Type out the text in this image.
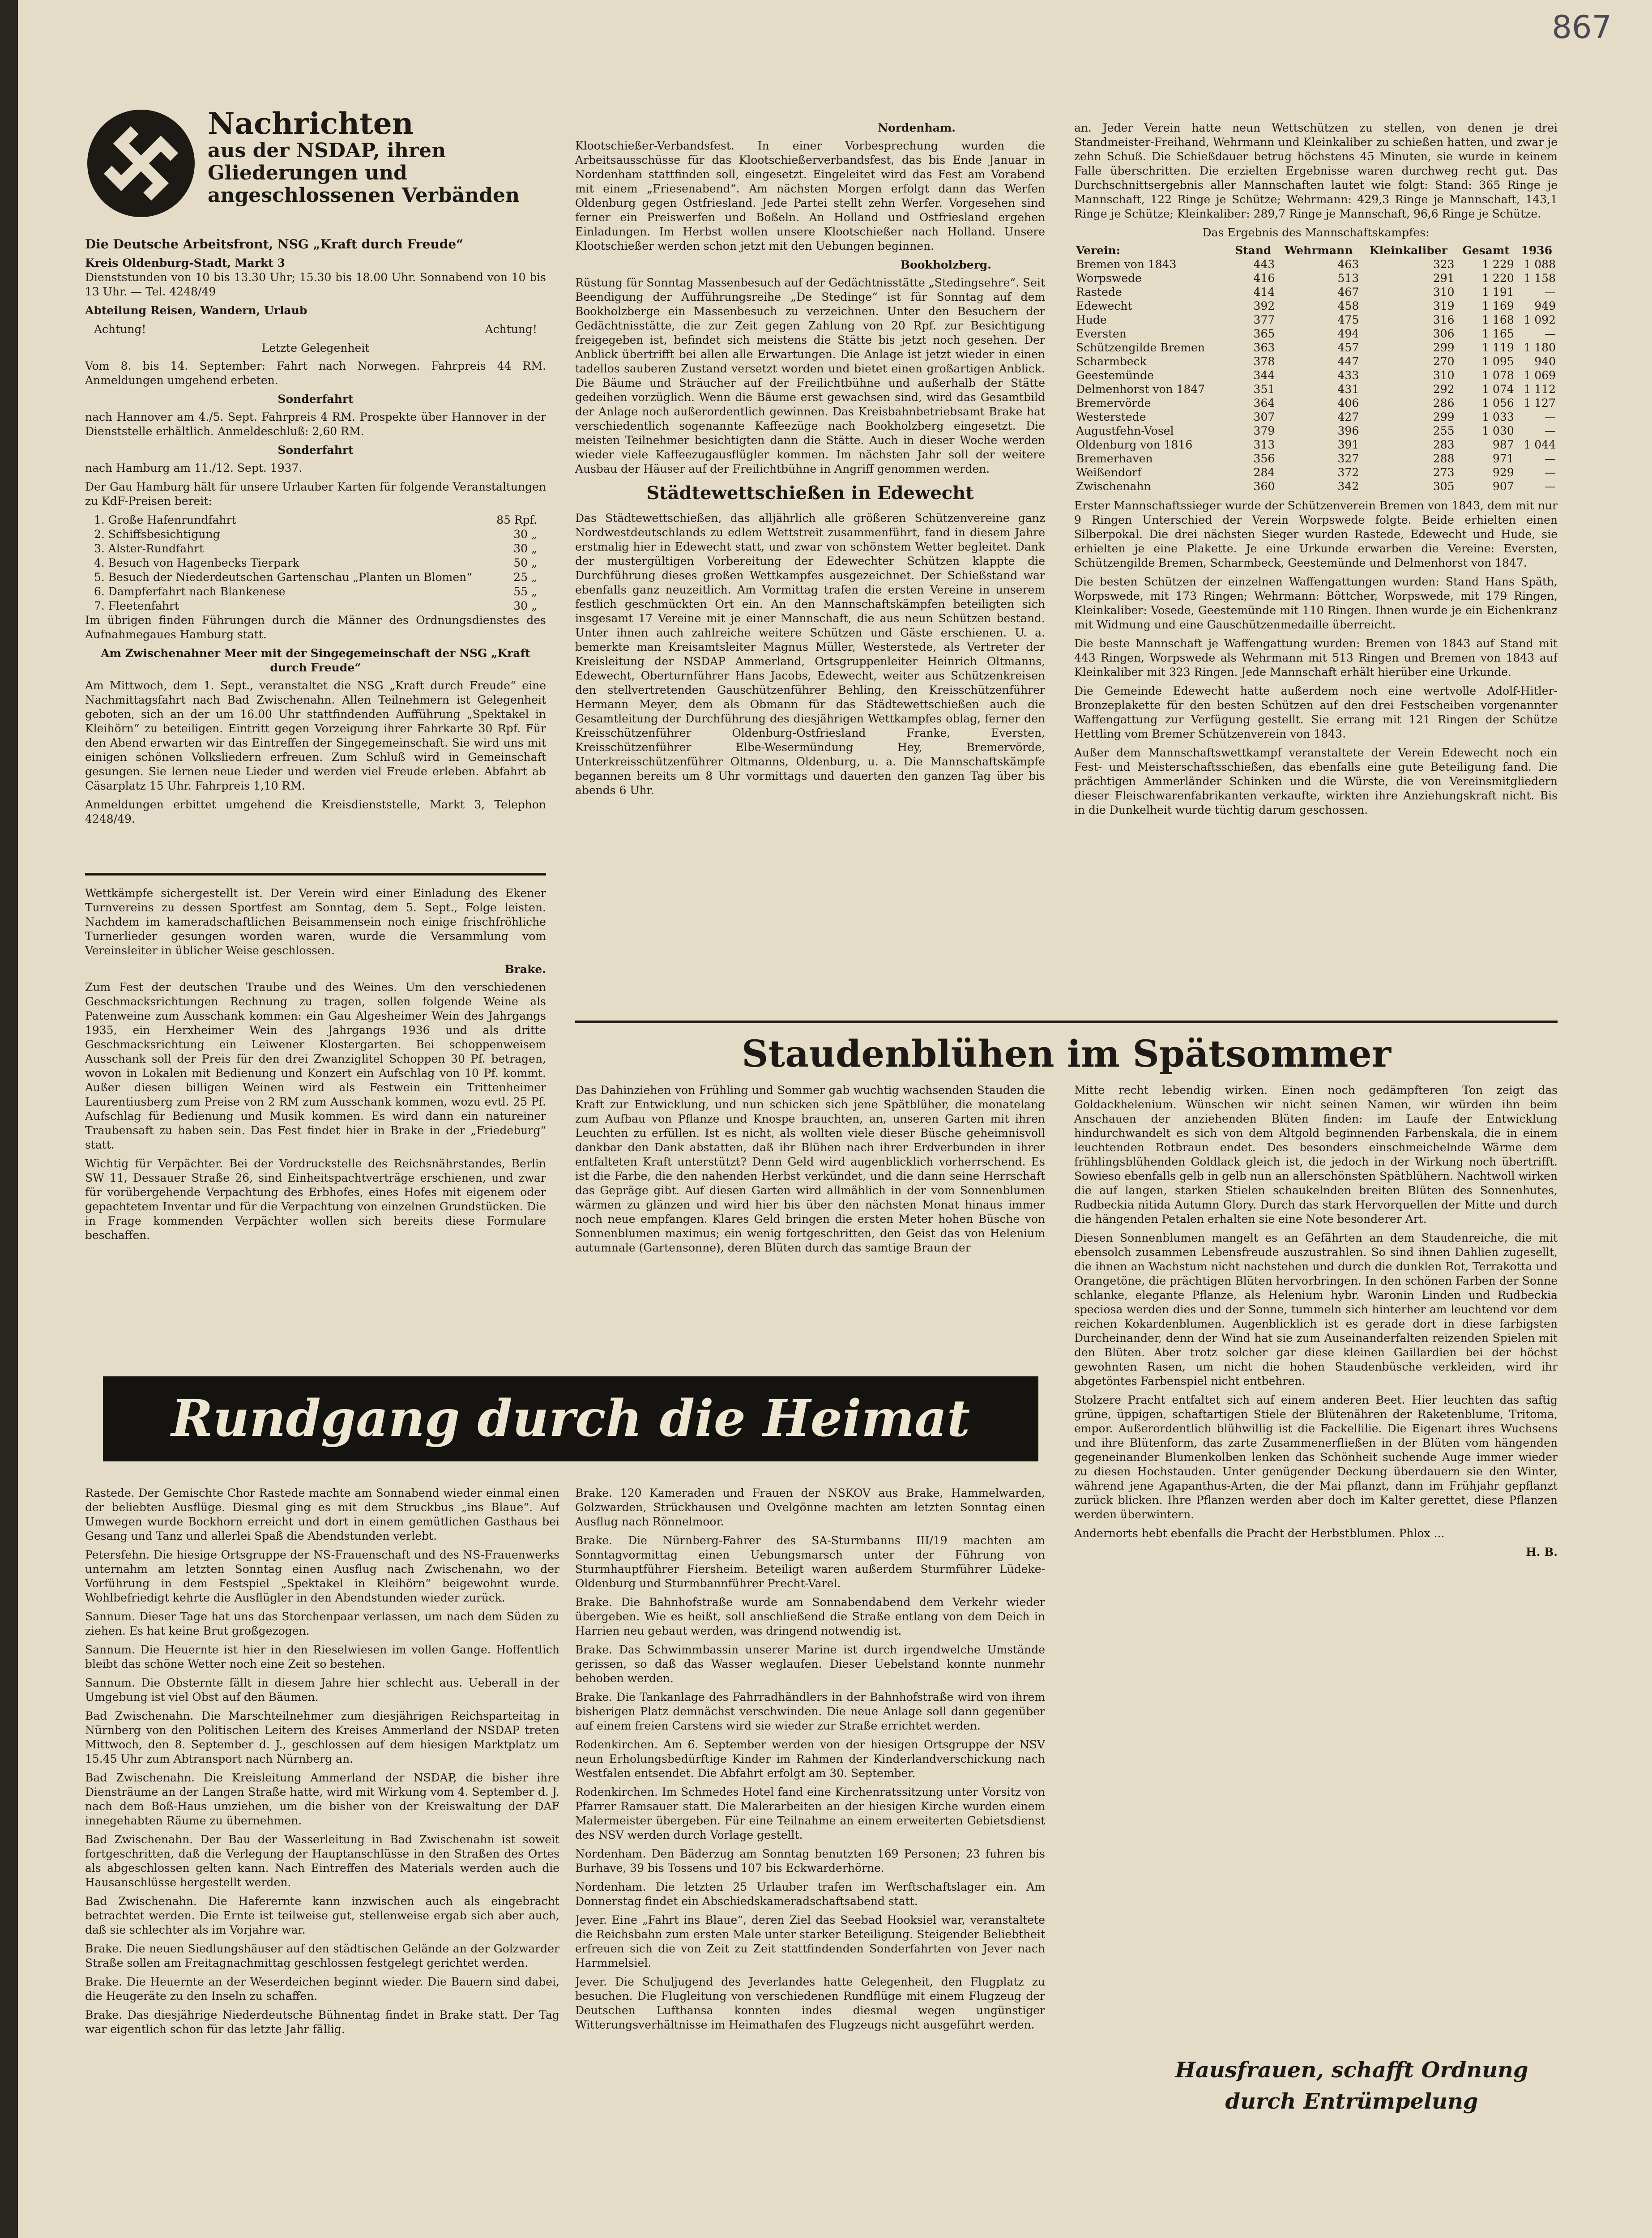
867
Nachrichten
aus der NSDAP, ihren
Gliederungen und
angeschlossenen Verbänden

Die Deutsche Arbeitsfront, NSG „Kraft durch Freude“

Kreis Oldenburg-Stadt, Markt 3

Dienststunden von 10 bis 13.30 Uhr; 15.30 bis 18.00 Uhr. Sonnabend von 10 bis 13 Uhr. — Tel. 4248/49

Abteilung Reisen, Wandern, Urlaub
Achtung!	Achtung!

Letzte Gelegenheit

Vom 8. bis 14. September: Fahrt nach Norwegen. Fahrpreis 44 RM. Anmeldungen umgehend erbeten.

Sonderfahrt

nach Hannover am 4./5. Sept. Fahrpreis 4 RM. Prospekte über Hannover in der Dienststelle erhältlich. Anmeldeschluß: 2,60 RM.

Sonderfahrt

nach Hamburg am 11./12. Sept. 1937.

Der Gau Hamburg hält für unsere Urlauber Karten für folgende Veranstaltungen zu KdF-Preisen bereit:

1. Große Hafenrundfahrt	85 Rpf.
2. Schiffsbesichtigung	30 „
3. Alster-Rundfahrt	30 „
4. Besuch von Hagenbecks Tierpark	50 „
5. Besuch der Niederdeutschen Gartenschau „Planten un Blomen“	25 „
6. Dampferfahrt nach Blankenese	55 „
7. Fleetenfahrt	30 „

Im übrigen finden Führungen durch die Männer des Ordnungsdienstes des Aufnahmegaues Hamburg statt.

Am Zwischenahner Meer mit der Singegemeinschaft der NSG „Kraft durch Freude“

Am Mittwoch, dem 1. Sept., veranstaltet die NSG „Kraft durch Freude“ eine Nachmittagsfahrt nach Bad Zwischenahn. Allen Teilnehmern ist Gelegenheit geboten, sich an der um 16.00 Uhr stattfindenden Aufführung „Spektakel in Kleihörn“ zu beteiligen. Eintritt gegen Vorzeigung ihrer Fahrkarte 30 Rpf. Für den Abend erwarten wir das Eintreffen der Singegemeinschaft. Sie wird uns mit einigen schönen Volksliedern erfreuen. Zum Schluß wird in Gemeinschaft gesungen. Sie lernen neue Lieder und werden viel Freude erleben. Abfahrt ab Cäsarplatz 15 Uhr. Fahrpreis 1,10 RM.

Anmeldungen erbittet umgehend die Kreisdienststelle, Markt 3, Telephon 4248/49.

Wettkämpfe sichergestellt ist. Der Verein wird einer Einladung des Ekener Turnvereins zu dessen Sportfest am Sonntag, dem 5. Sept., Folge leisten. Nachdem im kameradschaftlichen Beisammensein noch einige frischfröhliche Turnerlieder gesungen worden waren, wurde die Versammlung vom Vereinsleiter in üblicher Weise geschlossen.

Brake.

Zum Fest der deutschen Traube und des Weines. Um den verschiedenen Geschmacksrichtungen Rechnung zu tragen, sollen folgende Weine als Patenweine zum Ausschank kommen: ein Gau Algesheimer Wein des Jahrgangs 1935, ein Herxheimer Wein des Jahrgangs 1936 und als dritte Geschmacksrichtung ein Leiwener Klostergarten. Bei schoppenweisem Ausschank soll der Preis für den drei Zwanziglitel Schoppen 30 Pf. betragen, wovon in Lokalen mit Bedienung und Konzert ein Aufschlag von 10 Pf. kommt. Außer diesen billigen Weinen wird als Festwein ein Trittenheimer Laurentiusberg zum Preise von 2 RM zum Ausschank kommen, wozu evtl. 25 Pf. Aufschlag für Bedienung und Musik kommen. Es wird dann ein natureiner Traubensaft zu haben sein. Das Fest findet hier in Brake in der „Friedeburg“ statt.

Wichtig für Verpächter. Bei der Vordruckstelle des Reichsnährstandes, Berlin SW 11, Dessauer Straße 26, sind Einheitspachtverträge erschienen, und zwar für vorübergehende Verpachtung des Erbhofes, eines Hofes mit eigenem oder gepachtetem Inventar und für die Verpachtung von einzelnen Grundstücken. Die in Frage kommenden Verpächter wollen sich bereits diese Formulare beschaffen.

Nordenham.

Klootschießer-Verbandsfest. In einer Vorbesprechung wurden die Arbeitsausschüsse für das Klootschießerverbandsfest, das bis Ende Januar in Nordenham stattfinden soll, eingesetzt. Eingeleitet wird das Fest am Vorabend mit einem „Friesenabend“. Am nächsten Morgen erfolgt dann das Werfen Oldenburg gegen Ostfriesland. Jede Partei stellt zehn Werfer. Vorgesehen sind ferner ein Preiswerfen und Boßeln. An Holland und Ostfriesland ergehen Einladungen. Im Herbst wollen unsere Klootschießer nach Holland. Unsere Klootschießer werden schon jetzt mit den Uebungen beginnen.

Bookholzberg.

Rüstung für Sonntag Massenbesuch auf der Gedächtnisstätte „Stedingsehre“. Seit Beendigung der Aufführungsreihe „De Stedinge“ ist für Sonntag auf dem Bookholzberge ein Massenbesuch zu verzeichnen. Unter den Besuchern der Gedächtnisstätte, die zur Zeit gegen Zahlung von 20 Rpf. zur Besichtigung freigegeben ist, befindet sich meistens die Stätte bis jetzt noch gesehen. Der Anblick übertrifft bei allen alle Erwartungen. Die Anlage ist jetzt wieder in einen tadellos sauberen Zustand versetzt worden und bietet einen großartigen Anblick. Die Bäume und Sträucher auf der Freilichtbühne und außerhalb der Stätte gedeihen vorzüglich. Wenn die Bäume erst gewachsen sind, wird das Gesamtbild der Anlage noch außerordentlich gewinnen. Das Kreisbahnbetriebsamt Brake hat verschiedentlich sogenannte Kaffeezüge nach Bookholzberg eingesetzt. Die meisten Teilnehmer besichtigten dann die Stätte. Auch in dieser Woche werden wieder viele Kaffeezugausflügler kommen. Im nächsten Jahr soll der weitere Ausbau der Häuser auf der Freilichtbühne in Angriff genommen werden.

Städtewettschießen in Edewecht

Das Städtewettschießen, das alljährlich alle größeren Schützenvereine ganz Nordwestdeutschlands zu edlem Wettstreit zusammenführt, fand in diesem Jahre erstmalig hier in Edewecht statt, und zwar von schönstem Wetter begleitet. Dank der mustergültigen Vorbereitung der Edewechter Schützen klappte die Durchführung dieses großen Wettkampfes ausgezeichnet. Der Schießstand war ebenfalls ganz neuzeitlich. Am Vormittag trafen die ersten Vereine in unserem festlich geschmückten Ort ein. An den Mannschaftskämpfen beteiligten sich insgesamt 17 Vereine mit je einer Mannschaft, die aus neun Schützen bestand. Unter ihnen auch zahlreiche weitere Schützen und Gäste erschienen. U. a. bemerkte man Kreisamtsleiter Magnus Müller, Westerstede, als Vertreter der Kreisleitung der NSDAP Ammerland, Ortsgruppenleiter Heinrich Oltmanns, Edewecht, Oberturnführer Hans Jacobs, Edewecht, weiter aus Schützenkreisen den stellvertretenden Gauschützenführer Behling, den Kreisschützenführer Hermann Meyer, dem als Obmann für das Städtewettschießen auch die Gesamtleitung der Durchführung des diesjährigen Wettkampfes oblag, ferner den Kreisschützenführer Oldenburg-Ostfriesland Franke, Eversten, Kreisschützenführer Elbe-Wesermündung Hey, Bremervörde, Unterkreisschützenführer Oltmanns, Oldenburg, u. a. Die Mannschaftskämpfe begannen bereits um 8 Uhr vormittags und dauerten den ganzen Tag über bis abends 6 Uhr.

an. Jeder Verein hatte neun Wettschützen zu stellen, von denen je drei Standmeister-Freihand, Wehrmann und Kleinkaliber zu schießen hatten, und zwar je zehn Schuß. Die Schießdauer betrug höchstens 45 Minuten, sie wurde in keinem Falle überschritten. Die erzielten Ergebnisse waren durchweg recht gut. Das Durchschnittsergebnis aller Mannschaften lautet wie folgt: Stand: 365 Ringe je Mannschaft, 122 Ringe je Schütze; Wehrmann: 429,3 Ringe je Mannschaft, 143,1 Ringe je Schütze; Kleinkaliber: 289,7 Ringe je Mannschaft, 96,6 Ringe je Schütze.

Das Ergebnis des Mannschaftskampfes:

Verein:	Stand	Wehrmann	Kleinkaliber	Gesamt	1936
Bremen von 1843	443	463	323	1 229	1 088
Worpswede	416	513	291	1 220	1 158
Rastede	414	467	310	1 191	—
Edewecht	392	458	319	1 169	949
Hude	377	475	316	1 168	1 092
Eversten	365	494	306	1 165	—
Schützengilde Bremen	363	457	299	1 119	1 180
Scharmbeck	378	447	270	1 095	940
Geestemünde	344	433	310	1 078	1 069
Delmenhorst von 1847	351	431	292	1 074	1 112
Bremervörde	364	406	286	1 056	1 127
Westerstede	307	427	299	1 033	—
Augustfehn-Vosel	379	396	255	1 030	—
Oldenburg von 1816	313	391	283	987	1 044
Bremerhaven	356	327	288	971	—
Weißendorf	284	372	273	929	—
Zwischenahn	360	342	305	907	—

Erster Mannschaftssieger wurde der Schützenverein Bremen von 1843, dem mit nur 9 Ringen Unterschied der Verein Worpswede folgte. Beide erhielten einen Silberpokal. Die drei nächsten Sieger wurden Rastede, Edewecht und Hude, sie erhielten je eine Plakette. Je eine Urkunde erwarben die Vereine: Eversten, Schützengilde Bremen, Scharmbeck, Geestemünde und Delmenhorst von 1847.

Die besten Schützen der einzelnen Waffengattungen wurden: Stand Hans Späth, Worpswede, mit 173 Ringen; Wehrmann: Böttcher, Worpswede, mit 179 Ringen, Kleinkaliber: Vosede, Geestemünde mit 110 Ringen. Ihnen wurde je ein Eichenkranz mit Widmung und eine Gauschützenmedaille überreicht.

Die beste Mannschaft je Waffengattung wurden: Bremen von 1843 auf Stand mit 443 Ringen, Worpswede als Wehrmann mit 513 Ringen und Bremen von 1843 auf Kleinkaliber mit 323 Ringen. Jede Mannschaft erhält hierüber eine Urkunde.

Die Gemeinde Edewecht hatte außerdem noch eine wertvolle Adolf-Hitler-Bronzeplakette für den besten Schützen auf den drei Festscheiben vorgenannter Waffengattung zur Verfügung gestellt. Sie errang mit 121 Ringen der Schütze Hettling vom Bremer Schützenverein von 1843.

Außer dem Mannschaftswettkampf veranstaltete der Verein Edewecht noch ein Fest- und Meisterschaftsschießen, das ebenfalls eine gute Beteiligung fand. Die prächtigen Ammerländer Schinken und die Würste, die von Vereinsmitgliedern dieser Fleischwarenfabrikanten verkaufte, wirkten ihre Anziehungskraft nicht. Bis in die Dunkelheit wurde tüchtig darum geschossen.

Staudenblühen im Spätsommer

Das Dahinziehen von Frühling und Sommer gab wuchtig wachsenden Stauden die Kraft zur Entwicklung, und nun schicken sich jene Spätblüher, die monatelang zum Aufbau von Pflanze und Knospe brauchten, an, unseren Garten mit ihren Leuchten zu erfüllen. Ist es nicht, als wollten viele dieser Büsche geheimnisvoll dankbar den Dank abstatten, daß ihr Blühen nach ihrer Erdverbunden in ihrer entfalteten Kraft unterstützt? Denn Geld wird augenblicklich vorherrschend. Es ist die Farbe, die den nahenden Herbst verkündet, und die dann seine Herrschaft das Gepräge gibt. Auf diesen Garten wird allmählich in der vom Sonnenblumen wärmen zu glänzen und wird hier bis über den nächsten Monat hinaus immer noch neue empfangen. Klares Geld bringen die ersten Meter hohen Büsche von Sonnenblumen maximus; ein wenig fortgeschritten, den Geist das von Helenium autumnale (Gartensonne), deren Blüten durch das samtige Braun der

Mitte recht lebendig wirken. Einen noch gedämpfteren Ton zeigt das Goldackhelenium. Wünschen wir nicht seinen Namen, wir würden ihn beim Anschauen der anziehenden Blüten finden: im Laufe der Entwicklung hindurchwandelt es sich von dem Altgold beginnenden Farbenskala, die in einem leuchtenden Rotbraun endet. Des besonders einschmeichelnde Wärme dem frühlingsblühenden Goldlack gleich ist, die jedoch in der Wirkung noch übertrifft. Sowieso ebenfalls gelb in gelb nun an allerschönsten Spätblühern. Nachtwoll wirken die auf langen, starken Stielen schaukelnden breiten Blüten des Sonnenhutes, Rudbeckia nitida Autumn Glory. Durch das stark Hervorquellen der Mitte und durch die hängenden Petalen erhalten sie eine Note besonderer Art.

Diesen Sonnenblumen mangelt es an Gefährten an dem Staudenreiche, die mit ebensolch zusammen Lebensfreude auszustrahlen. So sind ihnen Dahlien zugesellt, die ihnen an Wachstum nicht nachstehen und durch die dunklen Rot, Terrakotta und Orangetöne, die prächtigen Blüten hervorbringen. In den schönen Farben der Sonne schlanke, elegante Pflanze, als Helenium hybr. Waronin Linden und Rudbeckia speciosa werden dies und der Sonne, tummeln sich hinterher am leuchtend vor dem reichen Kokardenblumen. Augenblicklich ist es gerade dort in diese farbigsten Durcheinander, denn der Wind hat sie zum Auseinanderfalten reizenden Spielen mit den Blüten. Aber trotz solcher gar diese kleinen Gaillardien bei der höchst gewohnten Rasen, um nicht die hohen Staudenbüsche verkleiden, wird ihr abgetöntes Farbenspiel nicht entbehren.

Stolzere Pracht entfaltet sich auf einem anderen Beet. Hier leuchten das saftig grüne, üppigen, schaftartigen Stiele der Blütenähren der Raketenblume, Tritoma, empor. Außerordentlich blühwillig ist die Fackellilie. Die Eigenart ihres Wuchsens und ihre Blütenform, das zarte Zusammenerfließen in der Blüten vom hängenden gegeneinander Blumenkolben lenken das Schönheit suchende Auge immer wieder zu diesen Hochstauden. Unter genügender Deckung überdauern sie den Winter, während jene Agapanthus-Arten, die der Mai pflanzt, dann im Frühjahr gepflanzt zurück blicken. Ihre Pflanzen werden aber doch im Kalter gerettet, diese Pflanzen werden überwintern.

Andernorts hebt ebenfalls die Pracht der Herbstblumen. Phlox ...

H. B.

Rundgang durch die Heimat

Rastede. Der Gemischte Chor Rastede machte am Sonnabend wieder einmal einen der beliebten Ausflüge. Diesmal ging es mit dem Struckbus „ins Blaue“. Auf Umwegen wurde Bockhorn erreicht und dort in einem gemütlichen Gasthaus bei Gesang und Tanz und allerlei Spaß die Abendstunden verlebt.

Petersfehn. Die hiesige Ortsgruppe der NS-Frauenschaft und des NS-Frauenwerks unternahm am letzten Sonntag einen Ausflug nach Zwischenahn, wo der Vorführung in dem Festspiel „Spektakel in Kleihörn“ beigewohnt wurde. Wohlbefriedigt kehrte die Ausflügler in den Abendstunden wieder zurück.

Sannum. Dieser Tage hat uns das Storchenpaar verlassen, um nach dem Süden zu ziehen. Es hat keine Brut großgezogen.

Sannum. Die Heuernte ist hier in den Rieselwiesen im vollen Gange. Hoffentlich bleibt das schöne Wetter noch eine Zeit so bestehen.

Sannum. Die Obsternte fällt in diesem Jahre hier schlecht aus. Ueberall in der Umgebung ist viel Obst auf den Bäumen.

Bad Zwischenahn. Die Marschteilnehmer zum diesjährigen Reichsparteitag in Nürnberg von den Politischen Leitern des Kreises Ammerland der NSDAP treten Mittwoch, den 8. September d. J., geschlossen auf dem hiesigen Marktplatz um 15.45 Uhr zum Abtransport nach Nürnberg an.

Bad Zwischenahn. Die Kreisleitung Ammerland der NSDAP, die bisher ihre Diensträume an der Langen Straße hatte, wird mit Wirkung vom 4. September d. J. nach dem Boß-Haus umziehen, um die bisher von der Kreiswaltung der DAF innegehabten Räume zu übernehmen.

Bad Zwischenahn. Der Bau der Wasserleitung in Bad Zwischenahn ist soweit fortgeschritten, daß die Verlegung der Hauptanschlüsse in den Straßen des Ortes als abgeschlossen gelten kann. Nach Eintreffen des Materials werden auch die Hausanschlüsse hergestellt werden.

Bad Zwischenahn. Die Haferernte kann inzwischen auch als eingebracht betrachtet werden. Die Ernte ist teilweise gut, stellenweise ergab sich aber auch, daß sie schlechter als im Vorjahre war.

Brake. Die neuen Siedlungshäuser auf den städtischen Gelände an der Golzwarder Straße sollen am Freitagnachmittag geschlossen festgelegt gerichtet werden.

Brake. Die Heuernte an der Weserdeichen beginnt wieder. Die Bauern sind dabei, die Heugeräte zu den Inseln zu schaffen.

Brake. Das diesjährige Niederdeutsche Bühnentag findet in Brake statt. Der Tag war eigentlich schon für das letzte Jahr fällig.

Brake. 120 Kameraden und Frauen der NSKOV aus Brake, Hammelwarden, Golzwarden, Strückhausen und Ovelgönne machten am letzten Sonntag einen Ausflug nach Rönnelmoor.

Brake. Die Nürnberg-Fahrer des SA-Sturmbanns III/19 machten am Sonntagvormittag einen Uebungsmarsch unter der Führung von Sturmhauptführer Fiersheim. Beteiligt waren außerdem Sturmführer Lüdeke-Oldenburg und Sturmbannführer Precht-Varel.

Brake. Die Bahnhofstraße wurde am Sonnabendabend dem Verkehr wieder übergeben. Wie es heißt, soll anschließend die Straße entlang von dem Deich in Harrien neu gebaut werden, was dringend notwendig ist.

Brake. Das Schwimmbassin unserer Marine ist durch irgendwelche Umstände gerissen, so daß das Wasser weglaufen. Dieser Uebelstand konnte nunmehr behoben werden.

Brake. Die Tankanlage des Fahrradhändlers in der Bahnhofstraße wird von ihrem bisherigen Platz demnächst verschwinden. Die neue Anlage soll dann gegenüber auf einem freien Carstens wird sie wieder zur Straße errichtet werden.

Rodenkirchen. Am 6. September werden von der hiesigen Ortsgruppe der NSV neun Erholungsbedürftige Kinder im Rahmen der Kinderlandverschickung nach Westfalen entsendet. Die Abfahrt erfolgt am 30. September.

Rodenkirchen. Im Schmedes Hotel fand eine Kirchenratssitzung unter Vorsitz von Pfarrer Ramsauer statt. Die Malerarbeiten an der hiesigen Kirche wurden einem Malermeister übergeben. Für eine Teilnahme an einem erweiterten Gebietsdienst des NSV werden durch Vorlage gestellt.

Nordenham. Den Bäderzug am Sonntag benutzten 169 Personen; 23 fuhren bis Burhave, 39 bis Tossens und 107 bis Eckwarderhörne.

Nordenham. Die letzten 25 Urlauber trafen im Werftschaftslager ein. Am Donnerstag findet ein Abschiedskameradschaftsabend statt.

Jever. Eine „Fahrt ins Blaue“, deren Ziel das Seebad Hooksiel war, veranstaltete die Reichsbahn zum ersten Male unter starker Beteiligung. Steigender Beliebtheit erfreuen sich die von Zeit zu Zeit stattfindenden Sonderfahrten von Jever nach Harmmelsiel.

Jever. Die Schuljugend des Jeverlandes hatte Gelegenheit, den Flugplatz zu besuchen. Die Flugleitung von verschiedenen Rundflüge mit einem Flugzeug der Deutschen Lufthansa konnten indes diesmal wegen ungünstiger Witterungsverhältnisse im Heimathafen des Flugzeugs nicht ausgeführt werden.

Hausfrauen, schafft Ordnung
durch Entrümpelung
